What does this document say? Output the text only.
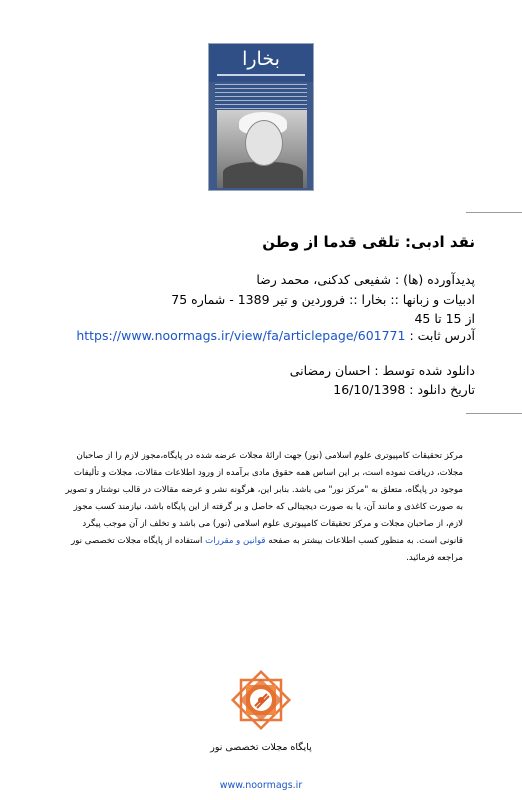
بخارا
نقد ادبی: تلقی قدما از وطن
پدیدآورده (ها) : شفیعی کدکنی، محمد رضا
ادبیات و زبانها :: بخارا :: فروردین و تیر 1389 - شماره 75
از 15 تا 45
آدرس ثابت : https://www.noormags.ir/view/fa/articlepage/601771
دانلود شده توسط : احسان رمضانی
تاریخ دانلود : 16/10/1398
مرکز تحقیقات کامپیوتری علوم اسلامی (نور) جهت ارائهٔ مجلات عرضه شده در پایگاه،مجوز لازم را از صاحبان مجلات، دریافت نموده است، بر این اساس همه حقوق مادی برآمده از ورود اطلاعات مقالات، مجلات و تألیفات موجود در پایگاه، متعلق به "مرکز نور" می باشد. بنابر این، هرگونه نشر و عرضه مقالات در قالب نوشتار و تصویر به صورت کاغذی و مانند آن، یا به صورت دیجیتالی که حاصل و بر گرفته از این پایگاه باشد، نیازمند کسب مجوز لازم، از صاحبان مجلات و مرکز تحقیقات کامپیوتری علوم اسلامی (نور) می باشد و تخلف از آن موجب پیگرد قانونی است. به منظور کسب اطلاعات بیشتر به صفحه قوانین و مقررات استفاده از پایگاه مجلات تخصصی نور مراجعه فرمائید.
پایگاه مجلات تخصصی نور
www.noormags.ir
